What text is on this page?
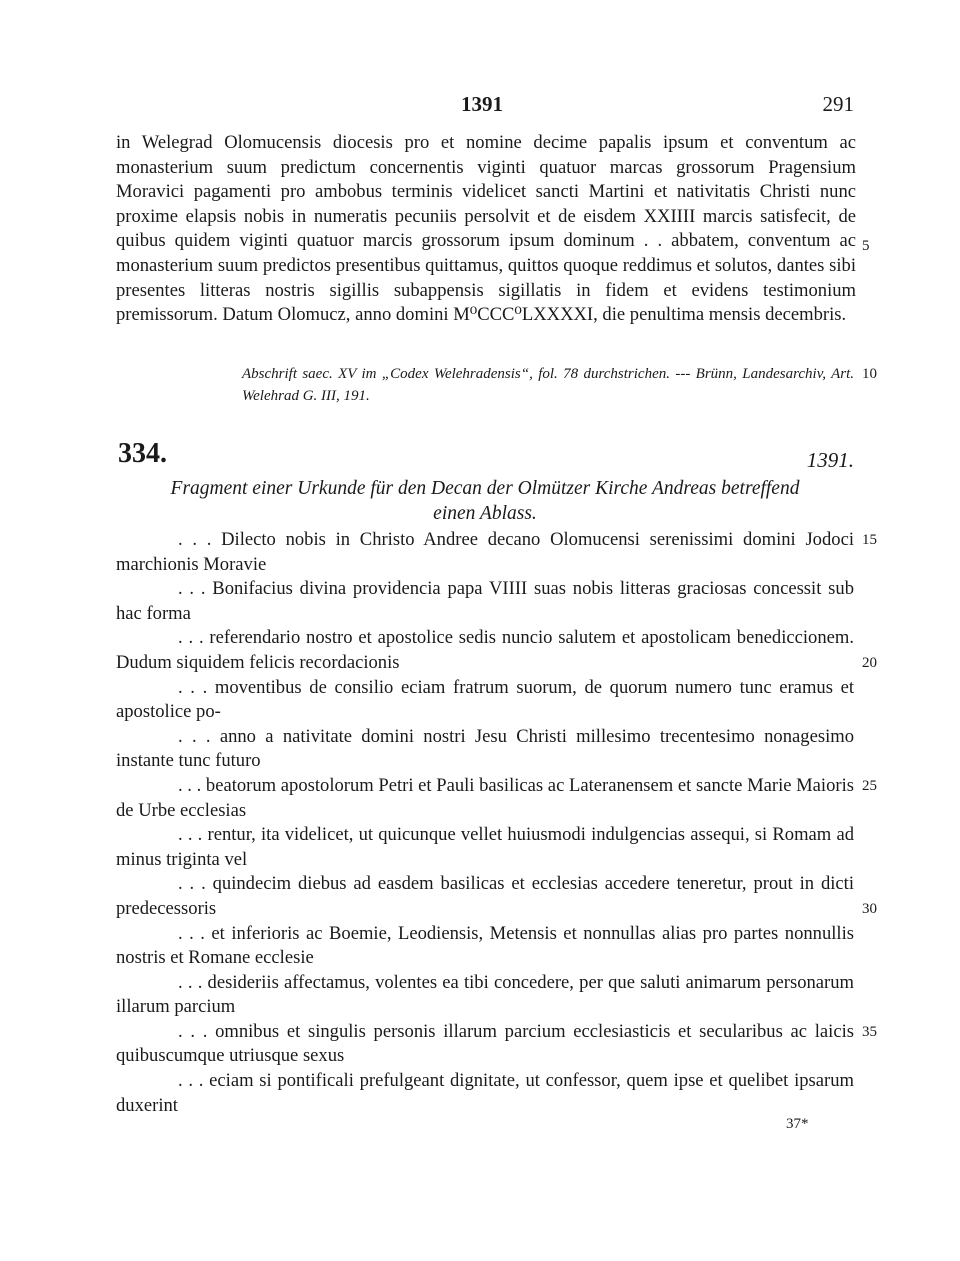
1391	291
in Welegrad Olomucensis diocesis pro et nomine decime papalis ipsum et conventum ac monasterium suum predictum concernentis viginti quatuor marcas grossorum Pragensium Moravici pagamenti pro ambobus terminis videlicet sancti Martini et nativitatis Christi nunc proxime elapsis nobis in numeratis pecuniis persolvit et de eisdem XXIIII marcis satisfecit, de quibus quidem viginti quatuor marcis grossorum ipsum dominum . . abbatem, conventum ac monasterium suum predictos presentibus quittamus, quittos quoque reddimus et solutos, dantes sibi presentes litteras nostris sigillis subappensis sigillatis in fidem et evidens testimonium premissorum. Datum Olomucz, anno domini M⁰CCC⁰LXXXXI, die penultima mensis decembris.
5
10
Abschrift saec. XV im „Codex Welehradensis“, fol. 78 durchstrichen. --- Brünn, Landesarchiv, Art. Welehrad G. III, 191.
334.	1391.
Fragment einer Urkunde für den Decan der Olmützer Kirche Andreas betreffend einen Ablass.

. . . Dilecto nobis in Christo Andree decano Olomucensi serenissimi domini Jodoci marchionis Moravie

. . . Bonifacius divina providencia papa VIIII suas nobis litteras graciosas concessit sub hac forma

. . . referendario nostro et apostolice sedis nuncio salutem et apostolicam benediccionem. Dudum siquidem felicis recordacionis

. . . moventibus de consilio eciam fratrum suorum, de quorum numero tunc eramus et apostolice po-

. . . anno a nativitate domini nostri Jesu Christi millesimo trecentesimo nonagesimo instante tunc futuro

. . . beatorum apostolorum Petri et Pauli basilicas ac Lateranensem et sancte Marie Maioris de Urbe ecclesias

. . . rentur, ita videlicet, ut quicunque vellet huiusmodi indulgencias assequi, si Romam ad minus triginta vel

. . . quindecim diebus ad easdem basilicas et ecclesias accedere teneretur, prout in dicti predecessoris

. . . et inferioris ac Boemie, Leodiensis, Metensis et nonnullas alias pro partes nonnullis nostris et Romane ecclesie

. . . desideriis affectamus, volentes ea tibi concedere, per que saluti animarum personarum illarum parcium

. . . omnibus et singulis personis illarum parcium ecclesiasticis et secularibus ac laicis quibuscumque utriusque sexus

. . . eciam si pontificali prefulgeant dignitate, ut confessor, quem ipse et quelibet ipsarum duxerint

15
20
25
30
35
37*
